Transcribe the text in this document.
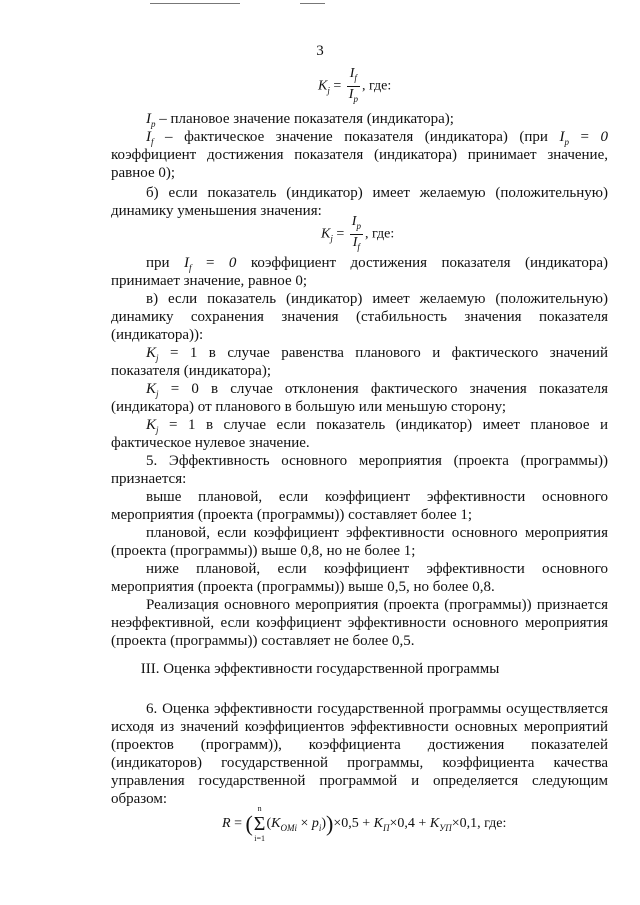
3
$K_j = \frac{I_f}{I_p}$ , где:
$I_p$ – плановое значение показателя (индикатора);
$I_f$ – фактическое значение показателя (индикатора) (при $I_p = 0$
коэффициент достижения показателя (индикатора) принимает значение,
равное 0);
б) если показатель (индикатор) имеет желаемую (положительную)
динамику уменьшения значения:
$K_j = \frac{I_p}{I_f}$ , где:
при $I_f = 0$ коэффициент достижения показателя (индикатора)
принимает значение, равное 0;
в) если показатель (индикатор) имеет желаемую (положительную)
динамику сохранения значения (стабильность значения показателя
(индикатора)):
$K_j = 1$ в случае равенства планового и фактического значений
показателя (индикатора);
$K_j = 0$ в случае отклонения фактического значения показателя
(индикатора) от планового в большую или меньшую сторону;
$K_j = 1$ в случае если показатель (индикатор) имеет плановое и
фактическое нулевое значение.
5. Эффективность основного мероприятия (проекта (программы))
признается:
выше плановой, если коэффициент эффективности основного
мероприятия (проекта (программы)) составляет более 1;
плановой, если коэффициент эффективности основного мероприятия
(проекта (программы)) выше 0,8, но не более 1;
ниже плановой, если коэффициент эффективности основного
мероприятия (проекта (программы)) выше 0,5, но более 0,8.
Реализация основного мероприятия (проекта (программы)) признается
неэффективной, если коэффициент эффективности основного мероприятия
(проекта (программы)) составляет не более 0,5.
III. Оценка эффективности государственной программы
6. Оценка эффективности государственной программы осуществляется
исходя из значений коэффициентов эффективности основных мероприятий
(проектов (программ)), коэффициента достижения показателей
(индикаторов) государственной программы, коэффициента качества
управления государственной программой и определяется следующим
образом:
R = (
n
Σ
i=1
$(K_{ОМi} \times p_i))\times 0,5 + K_П\times 0,4 + K_{УП}\times 0,1$, где:
